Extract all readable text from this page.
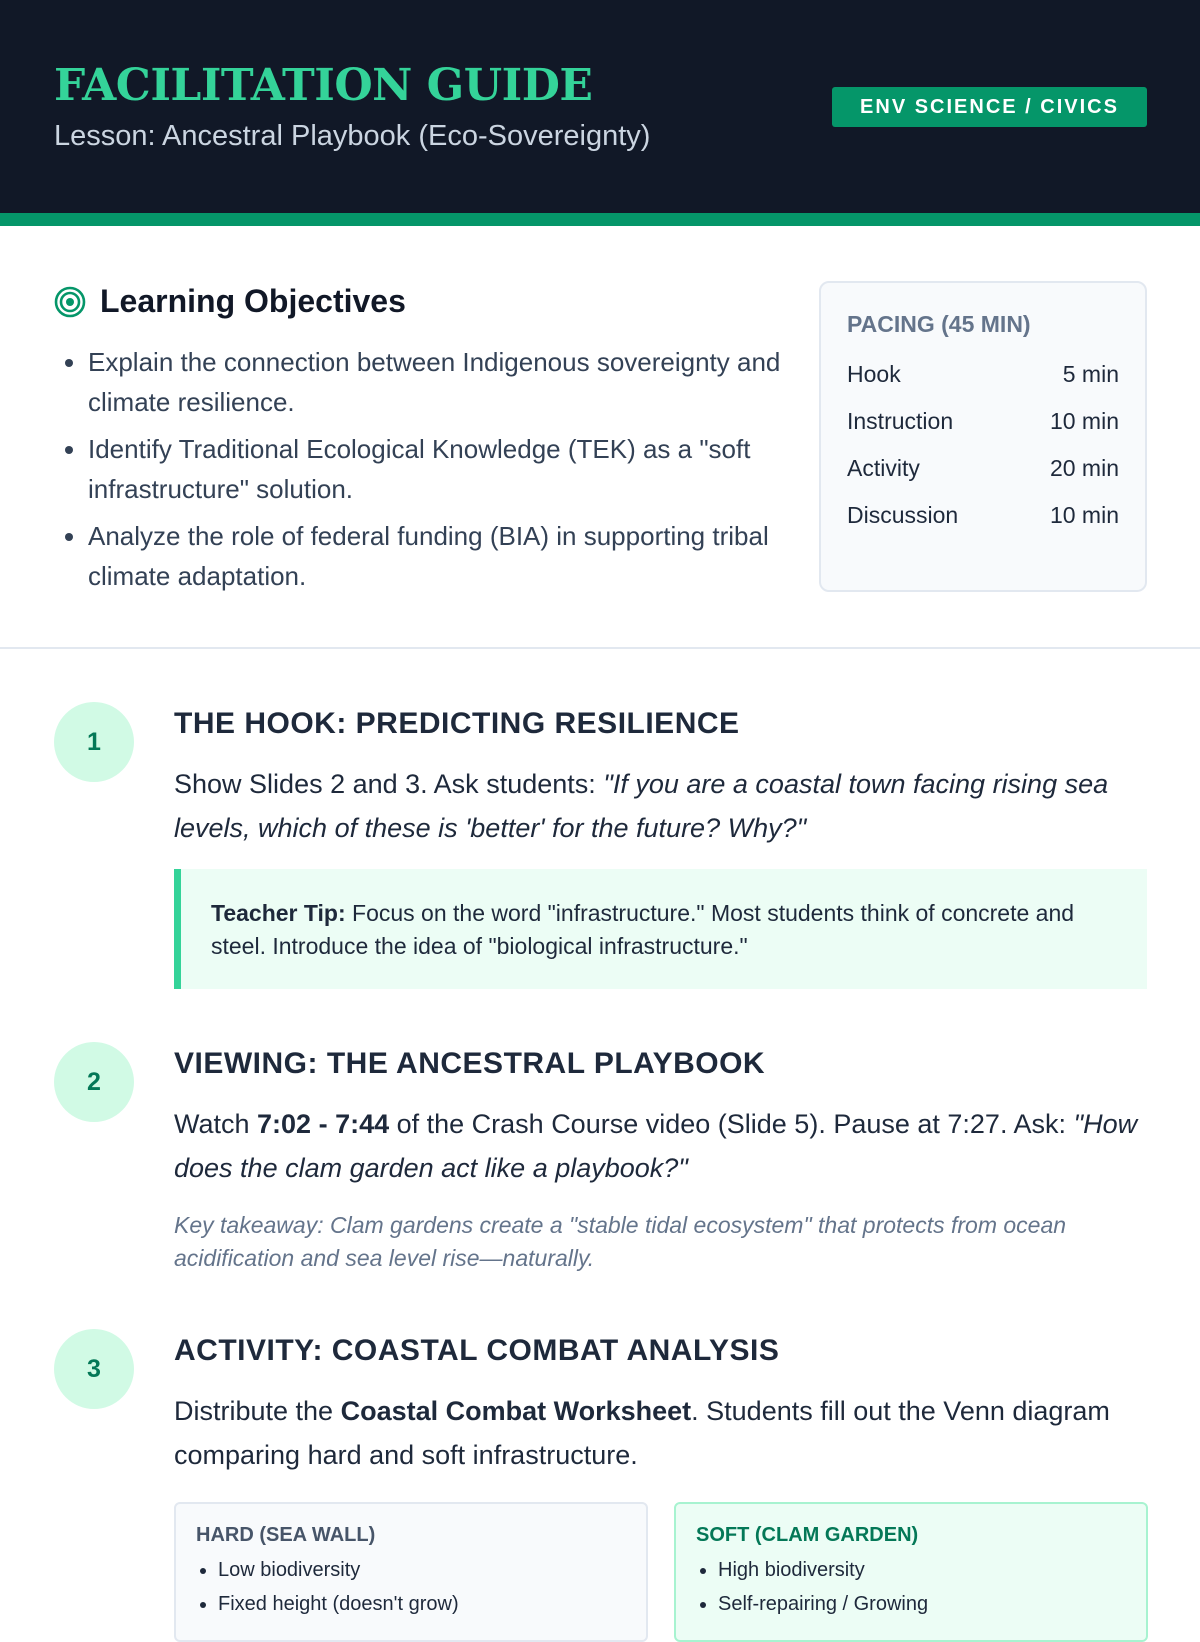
FACILITATION GUIDE

Lesson: Ancestral Playbook (Eco-Sovereignty)

ENV SCIENCE / CIVICS
Learning Objectives
• Explain the connection between Indigenous sovereignty and climate resilience.
• Identify Traditional Ecological Knowledge (TEK) as a "soft infrastructure" solution.
• Analyze the role of federal funding (BIA) in supporting tribal climate adaptation.
PACING (45 MIN)
Hook	5 min
Instruction	10 min
Activity	20 min
Discussion	10 min
1
THE HOOK: PREDICTING RESILIENCE

Show Slides 2 and 3. Ask students: "If you are a coastal town facing rising sea levels, which of these is 'better' for the future? Why?"

Teacher Tip: Focus on the word "infrastructure." Most students think of concrete and steel. Introduce the idea of "biological infrastructure."
2
VIEWING: THE ANCESTRAL PLAYBOOK

Watch 7:02 - 7:44 of the Crash Course video (Slide 5). Pause at 7:27. Ask: "How does the clam garden act like a playbook?"

Key takeaway: Clam gardens create a "stable tidal ecosystem" that protects from ocean acidification and sea level rise—naturally.

3
ACTIVITY: COASTAL COMBAT ANALYSIS

Distribute the Coastal Combat Worksheet. Students fill out the Venn diagram comparing hard and soft infrastructure.

HARD (SEA WALL)
• Low biodiversity
• Fixed height (doesn't grow)
SOFT (CLAM GARDEN)
• High biodiversity
• Self-repairing / Growing
